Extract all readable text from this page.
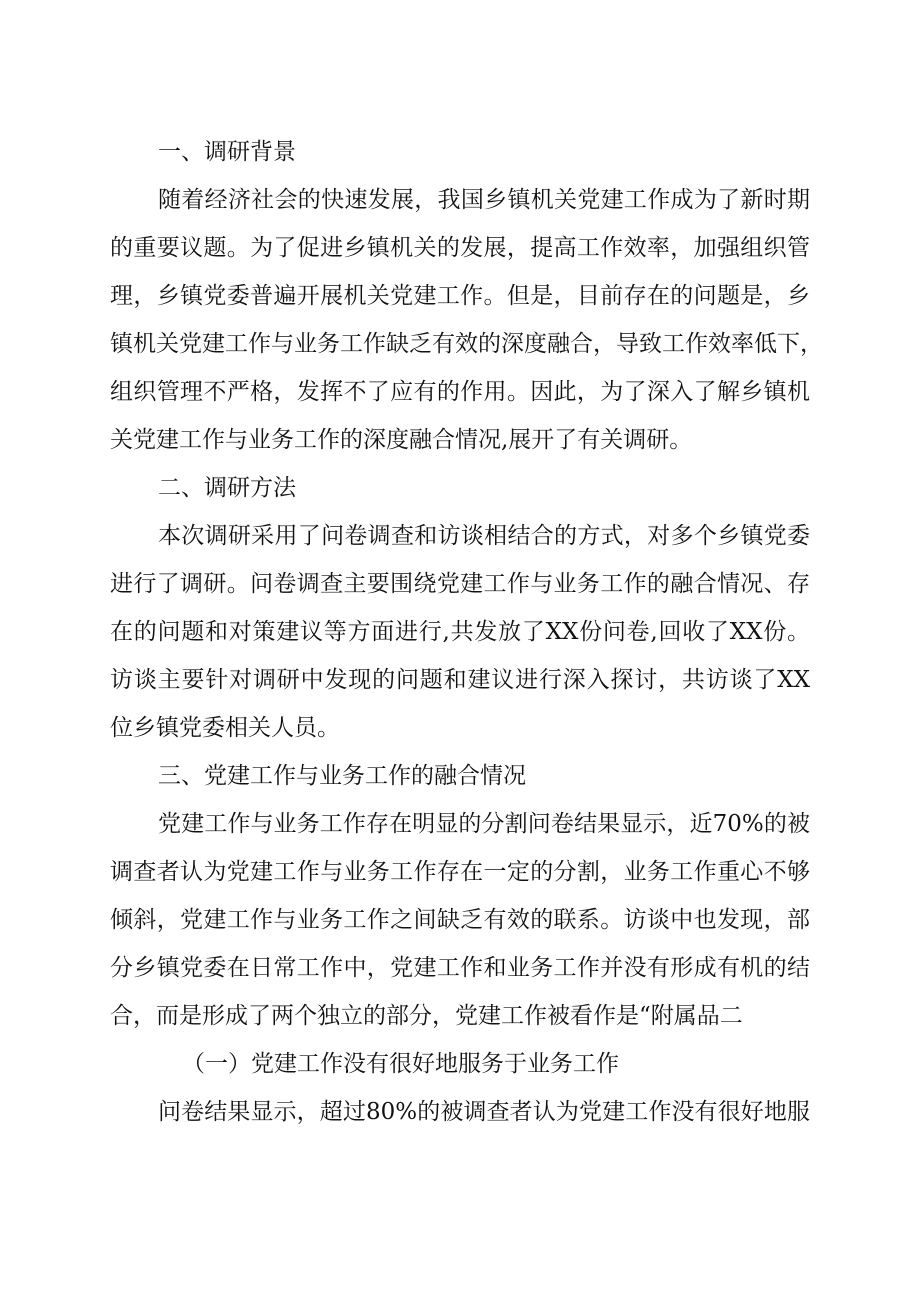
一、调研背景
随着经济社会的快速发展，我国乡镇机关党建工作成为了新时期
的重要议题。为了促进乡镇机关的发展，提高工作效率，加强组织管
理，乡镇党委普遍开展机关党建工作。但是，目前存在的问题是，乡
镇机关党建工作与业务工作缺乏有效的深度融合，导致工作效率低下，
组织管理不严格，发挥不了应有的作用。因此，为了深入了解乡镇机
关党建工作与业务工作的深度融合情况,展开了有关调研。
二、调研方法
本次调研采用了问卷调查和访谈相结合的方式，对多个乡镇党委
进行了调研。问卷调查主要围绕党建工作与业务工作的融合情况、存
在的问题和对策建议等方面进行,共发放了XX份问卷,回收了XX份。
访谈主要针对调研中发现的问题和建议进行深入探讨，共访谈了XX
位乡镇党委相关人员。
三、党建工作与业务工作的融合情况
党建工作与业务工作存在明显的分割问卷结果显示，近70%的被
调查者认为党建工作与业务工作存在一定的分割，业务工作重心不够
倾斜，党建工作与业务工作之间缺乏有效的联系。访谈中也发现，部
分乡镇党委在日常工作中，党建工作和业务工作并没有形成有机的结
合，而是形成了两个独立的部分，党建工作被看作是“附属品二
（一）党建工作没有很好地服务于业务工作
问卷结果显示，超过80%的被调查者认为党建工作没有很好地服
